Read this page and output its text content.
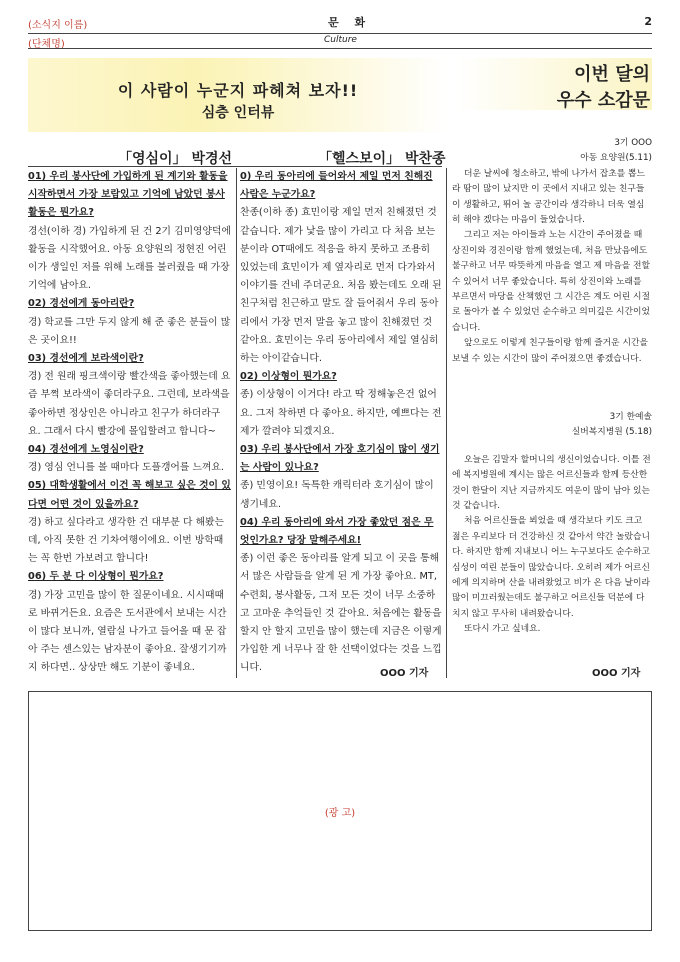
(소식지 이름)	문 화	2
(단체명)	Culture
이 사람이 누군지 파헤쳐 보자!!
심층 인터뷰
이번 달의
우수 소감문
「영심이」 박경선	「헬스보이」 박찬종

01) 우리 봉사단에 가입하게 된 계기와 활동을 시작하면서 가장 보람있고 기억에 남았던 봉사활동은 뭔가요?

경선(이하 경) 가입하게 된 건 2기 김미영양덕에 활동을 시작했어요. 아동 요양원의 정현진 어린이가 생일인 저를 위해 노래를 불러줬을 때 가장 기억에 남아요.

02) 경선에게 동아리란?

경) 학교를 그만 두지 않게 해 준 좋은 분들이 많은 곳이요!!

03) 경선에게 보라색이란?

경) 전 원래 핑크색이랑 빨간색을 좋아했는데 요즘 부쩍 보라색이 좋더라구요. 그런데, 보라색을 좋아하면 정상인은 아니라고 친구가 하더라구요. 그래서 다시 빨강에 몰입할려고 합니다~

04) 경선에게 노영심이란?

경) 영심 언니를 볼 때마다 도플갱어를 느껴요.

05) 대학생활에서 이건 꼭 해보고 싶은 것이 있다면 어떤 것이 있을까요?

경) 하고 싶다라고 생각한 건 대부분 다 해봤는데, 아직 못한 건 기차여행이에요. 이번 방학때는 꼭 한번 가보려고 합니다!

06) 두 분 다 이상형이 뭔가요?

경) 가장 고민을 많이 한 질문이네요. 시시때때로 바뀌거든요. 요즘은 도서관에서 보내는 시간이 많다 보니까, 열람실 나가고 들어올 때 문 잡아 주는 센스있는 남자분이 좋아요. 잘생기기까지 하다면.. 상상만 해도 기분이 좋네요.

0) 우리 동아리에 들어와서 제일 먼저 친해진 사람은 누군가요?

찬종(이하 종) 효민이랑 제일 먼저 친해졌던 것 같습니다. 제가 낯을 많이 가리고 다 처음 보는 분이라 OT때에도 적응을 하지 못하고 조용히 있었는데 효민이가 제 옆자리로 먼저 다가와서 이야기를 건네 주더군요. 처음 봤는데도 오래 된 친구처럼 친근하고 말도 잘 들어줘서 우리 동아리에서 가장 먼저 말을 놓고 많이 친해졌던 것 같아요. 효민이는 우리 동아리에서 제일 열심히 하는 아이같습니다.

02) 이상형이 뭔가요?

종) 이상형이 이거다! 라고 딱 정해놓은건 없어요. 그저 착하면 다 좋아요. 하지만, 예쁘다는 전제가 깔려야 되겠지요.

03) 우리 봉사단에서 가장 호기심이 많이 생기는 사람이 있나요?

종) 민영이요! 독특한 캐릭터라 호기심이 많이 생기네요.

04) 우리 동아리에 와서 가장 좋았던 점은 무엇인가요? 당장 말해주세요!

종) 이런 좋은 동아리를 알게 되고 이 곳을 통해서 많은 사람들을 알게 된 게 가장 좋아요. MT, 수련회, 봉사활동, 그저 모든 것이 너무 소중하고 고마운 추억들인 것 같아요. 처음에는 활동을 할지 안 할지 고민을 많이 했는데 지금은 이렇게 가입한 게 너무나 잘 한 선택이었다는 것을 느낍니다.

OOO 기자
3기 OOO
아동 요양원(5.11)

더운 날씨에 청소하고, 밖에 나가서 잡초를 뽑느라 땀이 많이 났지만 이 곳에서 지내고 있는 친구들이 생활하고, 뛰어 놀 공간이라 생각하니 더욱 열심히 해야 겠다는 마음이 들었습니다.

그리고 저는 아이들과 노는 시간이 주어졌을 때 상진이와 경진이랑 함께 했었는데, 처음 만났음에도 불구하고 너무 따뜻하게 마음을 열고 제 마음을 전할 수 있어서 너무 좋았습니다. 특히 상진이와 노래를 부르면서 마당을 산책했던 그 시간은 계도 어린 시절로 돌아가 볼 수 있었던 순수하고 의미깊은 시간이었습니다.

앞으로도 이렇게 친구들이랑 함께 즐거운 시간을 보낼 수 있는 시간이 많이 주어졌으면 좋겠습니다.

3기 한예솔
실버복지병원 (5.18)

오늘은 김말자 할머니의 생신이었습니다. 이틀 전에 복지병원에 계시는 많은 어르신들과 함께 등산한 것이 한달이 지난 지금까지도 여운이 많이 남아 있는 것 같습니다.

처음 어르신들을 뵈었을 때 생각보다 키도 크고 젊은 우리보다 더 건강하신 것 같아서 약간 놀랐습니다. 하지만 함께 지내보니 어느 누구보다도 순수하고 심성이 여린 분들이 많았습니다. 오히려 제가 어르신에게 의지하며 산을 내려왔었고 비가 온 다음 날이라 많이 미끄러웠는데도 불구하고 어르신들 덕분에 다치지 않고 무사히 내려왔습니다.

또다시 가고 싶네요.

OOO 기자
(광 고)
